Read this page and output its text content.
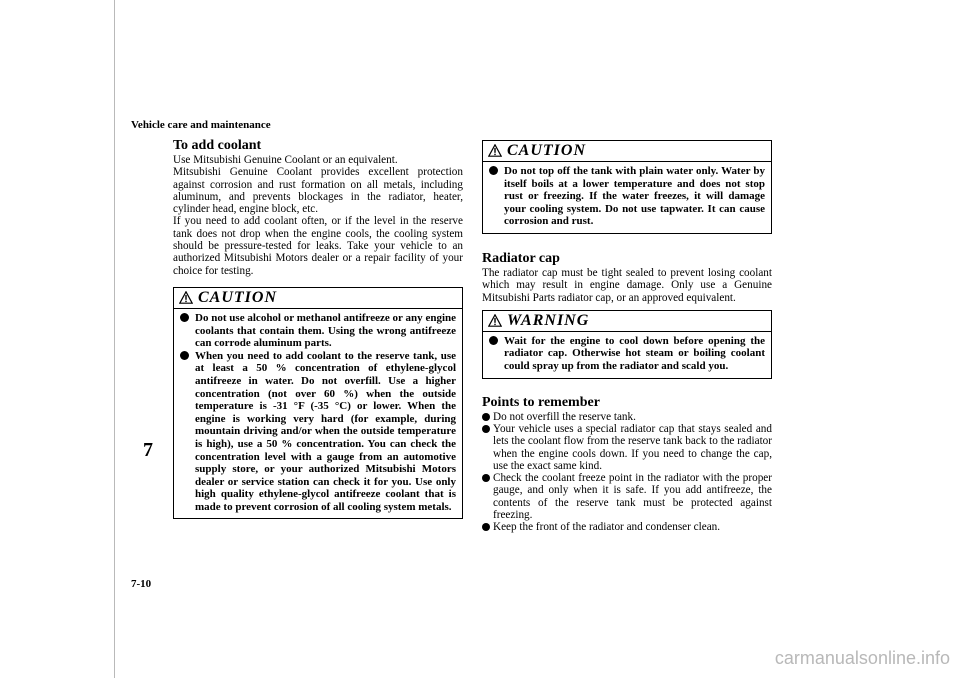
7
Vehicle care and maintenance
7-10
To add coolant

Use Mitsubishi Genuine Coolant or an equivalent.

Mitsubishi Genuine Coolant provides excellent protection against corrosion and rust formation on all metals, including aluminum, and prevents blockages in the radiator, heater, cylinder head, engine block, etc.

If you need to add coolant often, or if the level in the reserve tank does not drop when the engine cools, the cooling system should be pressure-tested for leaks. Take your vehicle to an authorized Mitsubishi Motors dealer or a repair facility of your choice for testing.

CAUTION
Do not use alcohol or methanol antifreeze or any engine coolants that contain them. Using the wrong antifreeze can corrode aluminum parts.
When you need to add coolant to the reserve tank, use at least a 50 % concentration of ethylene-glycol antifreeze in water. Do not overfill. Use a higher concentration (not over 60 %) when the outside temperature is -31 °F (-35 °C) or lower. When the engine is working very hard (for example, during mountain driving and/or when the outside temperature is high), use a 50 % concentration. You can check the concentration level with a gauge from an automotive supply store, or your authorized Mitsubishi Motors dealer or service station can check it for you. Use only high quality ethylene-glycol antifreeze coolant that is made to prevent corrosion of all cooling system metals.
CAUTION
Do not top off the tank with plain water only. Water by itself boils at a lower temperature and does not stop rust or freezing. If the water freezes, it will damage your cooling system. Do not use tapwater. It can cause corrosion and rust.
Radiator cap

The radiator cap must be tight sealed to prevent losing coolant which may result in engine damage. Only use a Genuine Mitsubishi Parts radiator cap, or an approved equivalent.

WARNING
Wait for the engine to cool down before opening the radiator cap. Otherwise hot steam or boiling coolant could spray up from the radiator and scald you.
Points to remember
Do not overfill the reserve tank.
Your vehicle uses a special radiator cap that stays sealed and lets the coolant flow from the reserve tank back to the radiator when the engine cools down. If you need to change the cap, use the exact same kind.
Check the coolant freeze point in the radiator with the proper gauge, and only when it is safe. If you add antifreeze, the contents of the reserve tank must be protected against freezing.
Keep the front of the radiator and condenser clean.
carmanualsonline.info
